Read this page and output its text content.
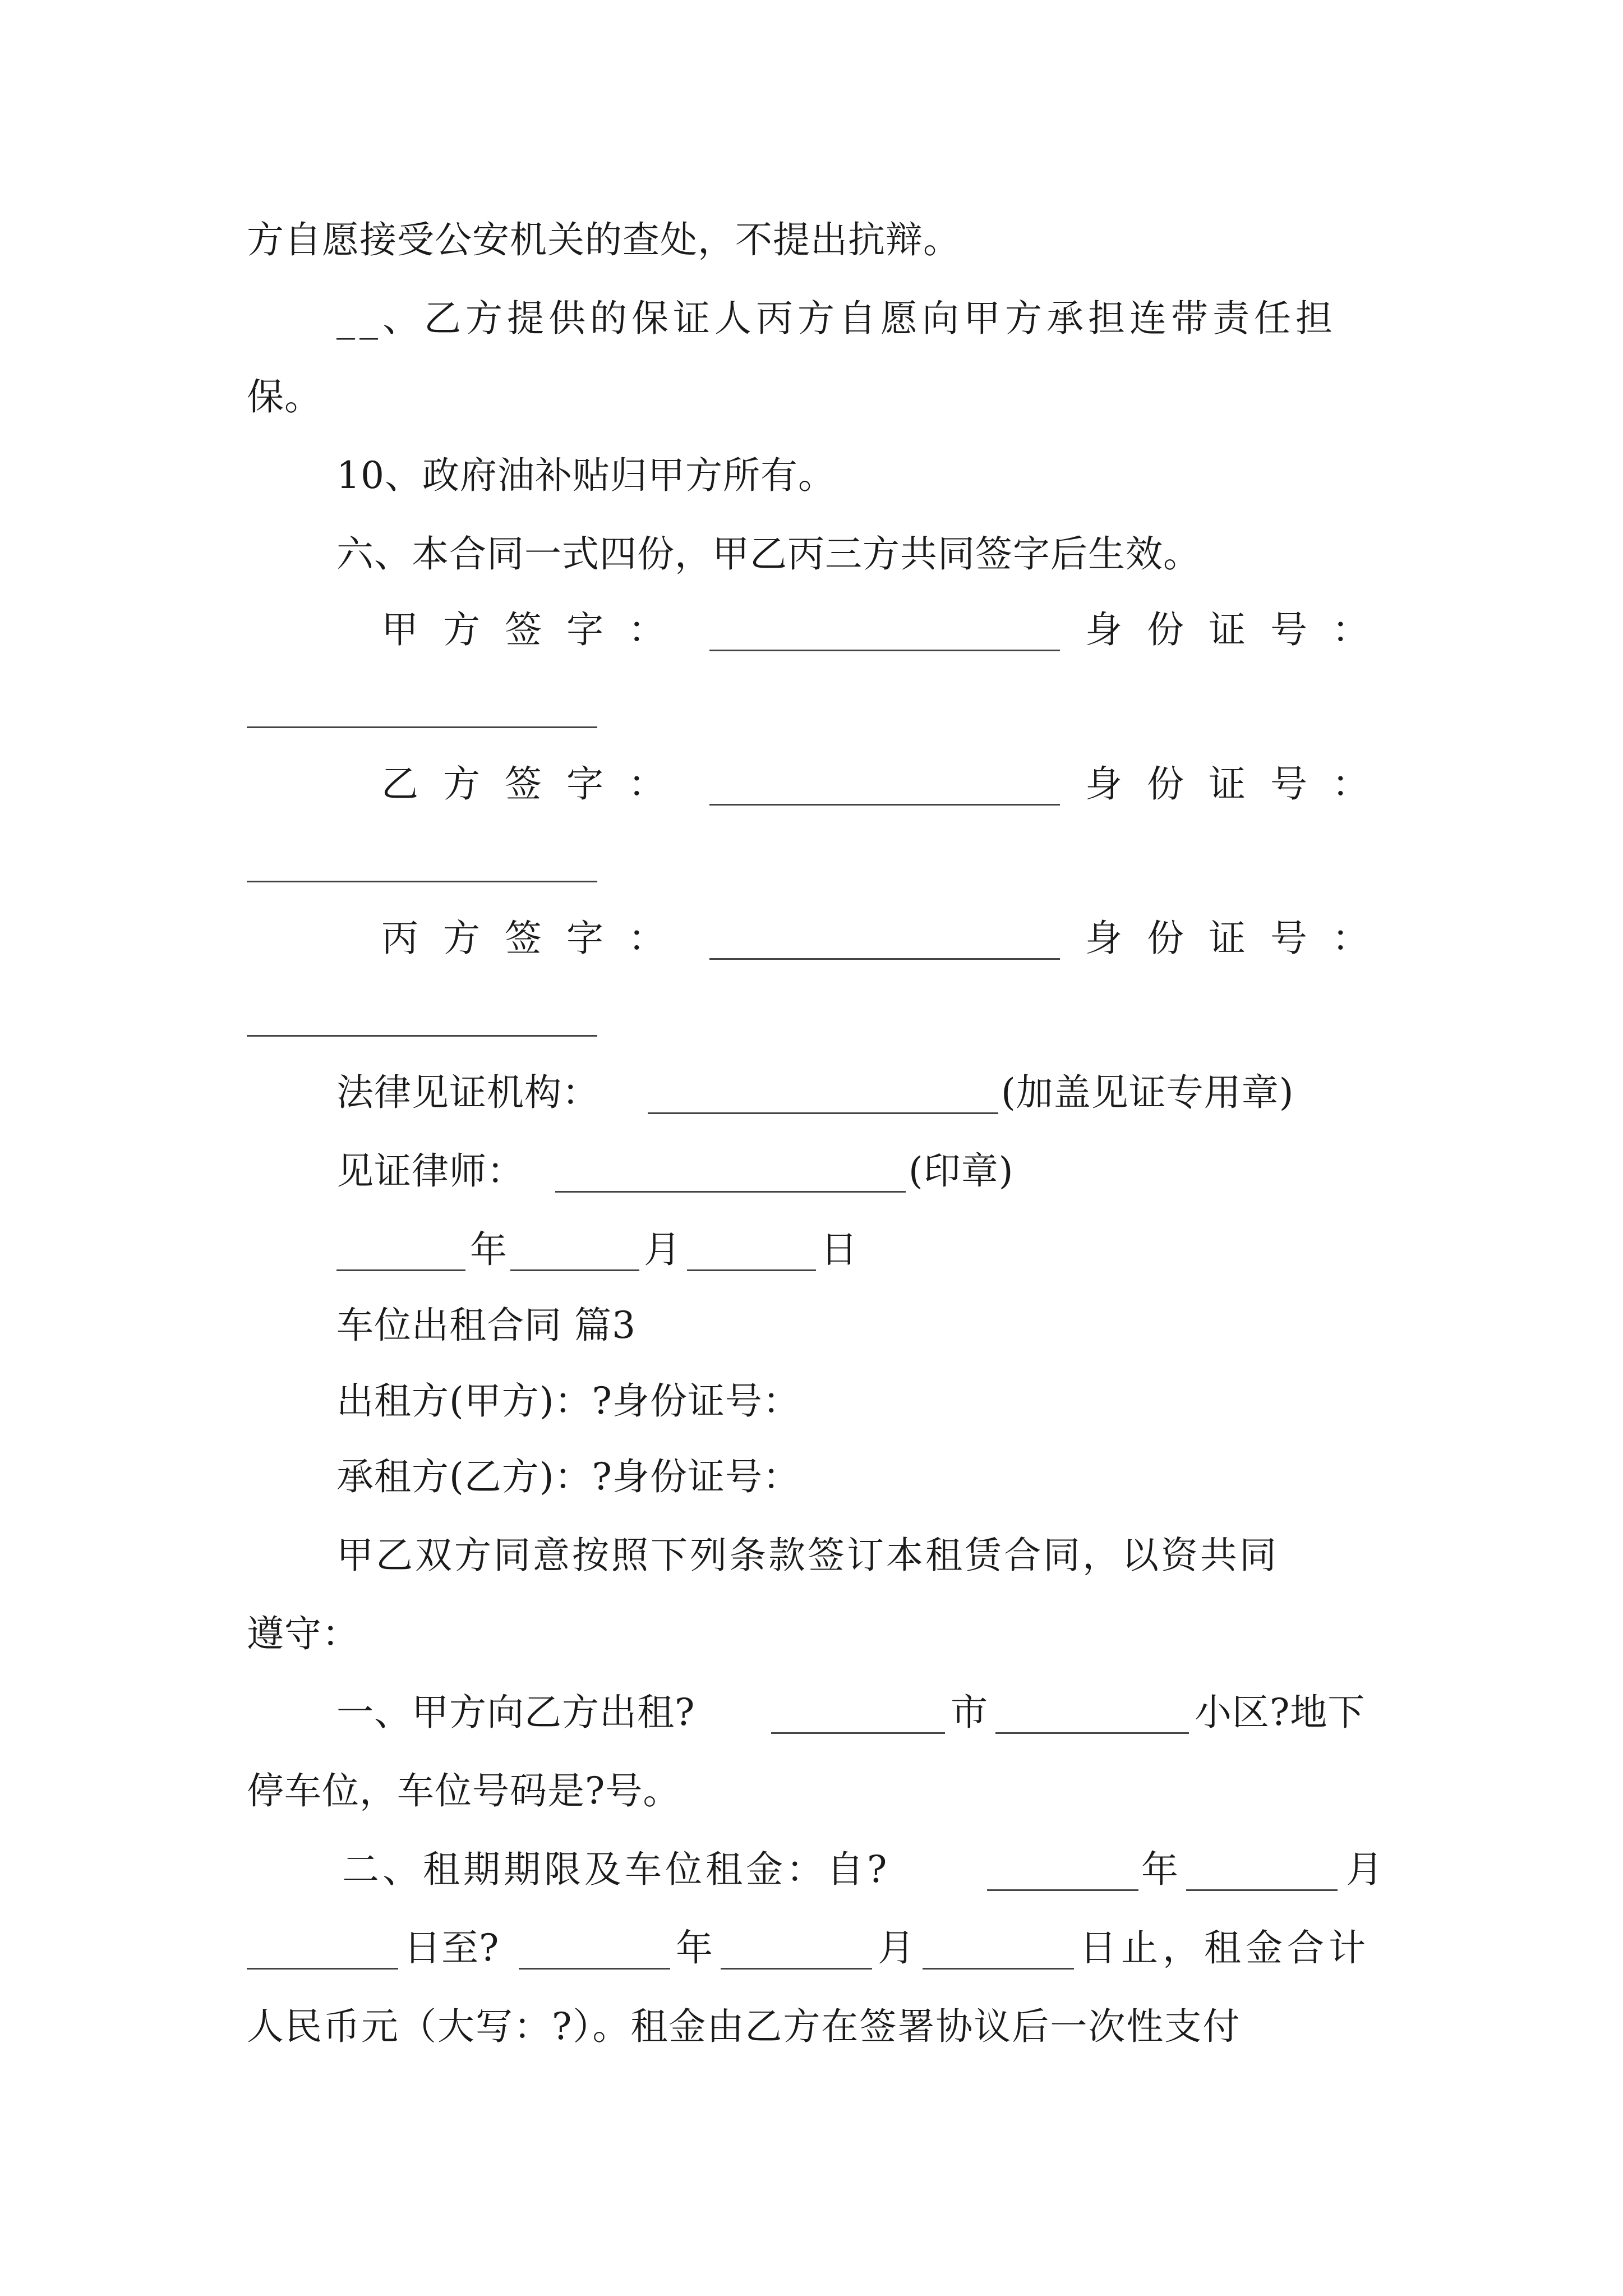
方自愿接受公安机关的查处，不提出抗辩。
__、乙方提供的保证人丙方自愿向甲方承担连带责任担
保。
10、政府油补贴归甲方所有。
六、本合同一式四份，甲乙丙三方共同签字后生效。
甲方签字：	身份证号：
乙方签字：	身份证号：
丙方签字：	身份证号：
法律见证机构：	(加盖见证专用章)
见证律师：	(印章)
年	月	日
车位出租合同 篇3
出租方(甲方)：?身份证号：
承租方(乙方)：?身份证号：
甲乙双方同意按照下列条款签订本租赁合同，以资共同
遵守：
一、甲方向乙方出租?	市	小区?地下
停车位，车位号码是?号。
二、租期期限及车位租金：自?	年	月
日至?	年	月	日止，租金合计
人民币元（大写：?）。租金由乙方在签署协议后一次性支付
